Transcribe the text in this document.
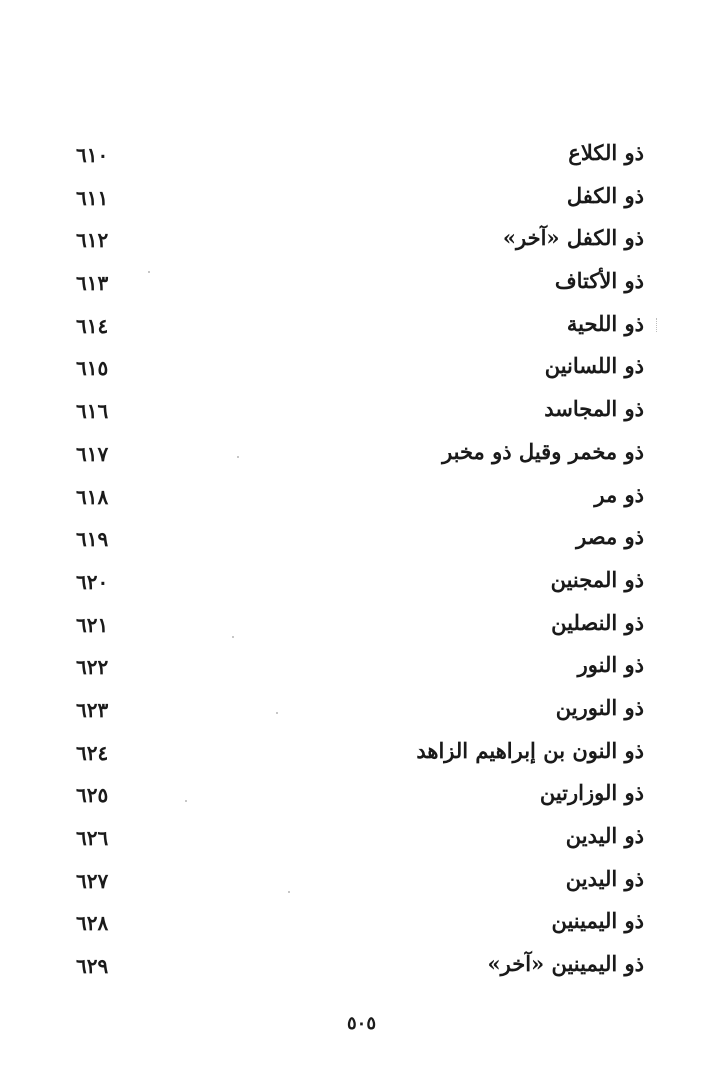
ذو الكلاع
٦١٠
ذو الكفل
٦١١
ذو الكفل «آخر»
٦١٢
ذو الأكتاف
٦١٣
ذو اللحية
٦١٤
ذو اللسانين
٦١٥
ذو المجاسد
٦١٦
ذو مخمر وقيل ذو مخبر
٦١٧
ذو مر
٦١٨
ذو مصر
٦١٩
ذو المجنين
٦٢٠
ذو النصلين
٦٢١
ذو النور
٦٢٢
ذو النورين
٦٢٣
ذو النون بن إبراهيم الزاهد
٦٢٤
ذو الوزارتين
٦٢٥
ذو اليدين
٦٢٦
ذو اليدين
٦٢٧
ذو اليمينين
٦٢٨
ذو اليمينين «آخر»
٦٢٩
٥٠٥
